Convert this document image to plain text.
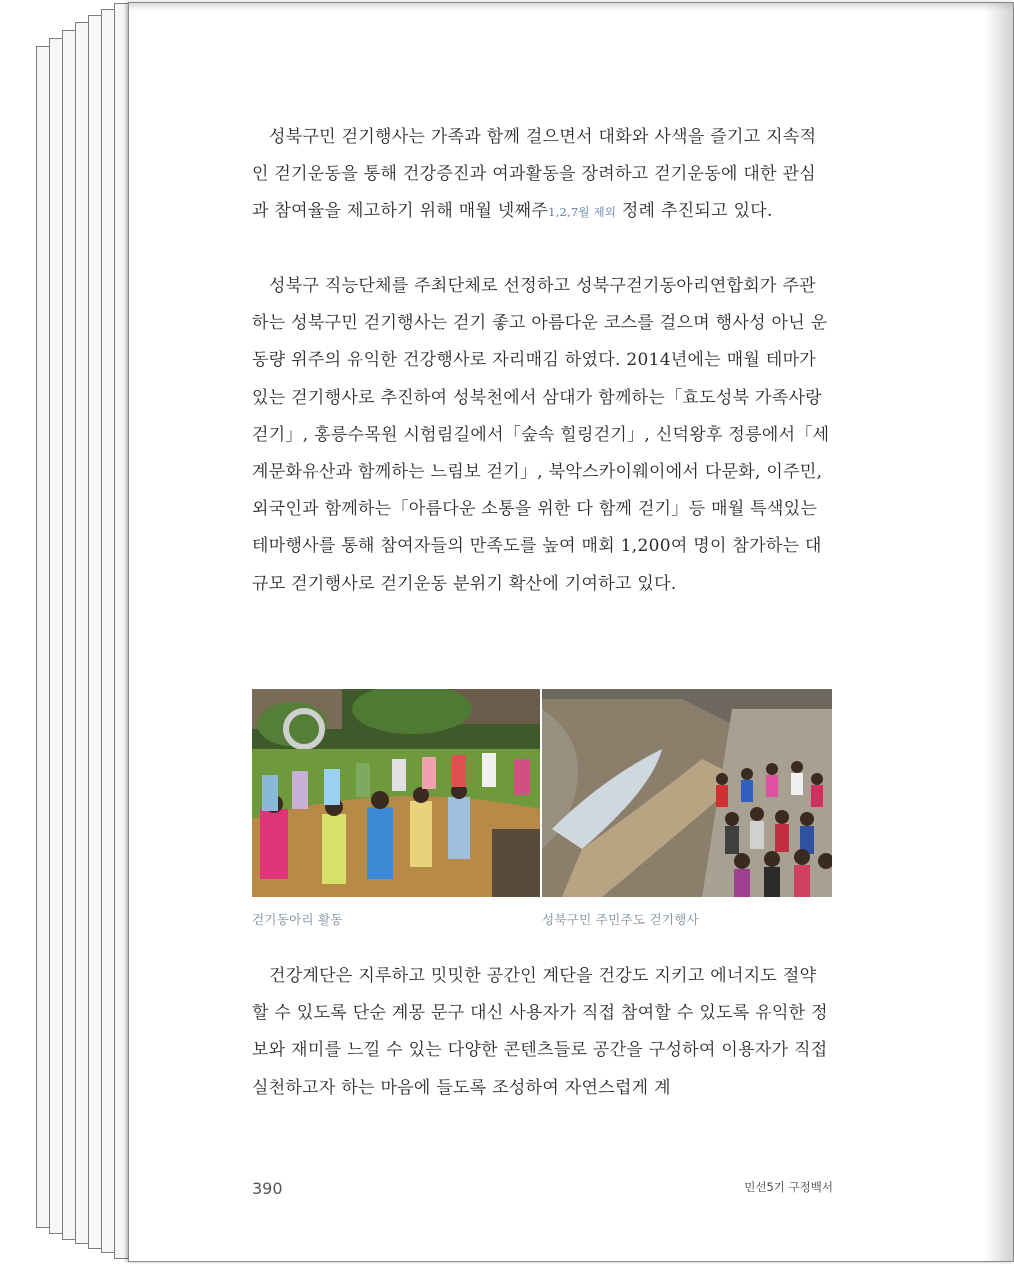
성북구민 걷기행사는 가족과 함께 걸으면서 대화와 사색을 즐기고 지속적인 걷기운동을 통해 건강증진과 여과활동을 장려하고 걷기운동에 대한 관심과 참여율을 제고하기 위해 매월 넷째주1,2,7월 제외 정례 추진되고 있다.

성북구 직능단체를 주최단체로 선정하고 성북구걷기동아리연합회가 주관하는 성북구민 걷기행사는 걷기 좋고 아름다운 코스를 걸으며 행사성 아닌 운동량 위주의 유익한 건강행사로 자리매김 하였다. 2014년에는 매월 테마가 있는 걷기행사로 추진하여 성북천에서 삼대가 함께하는「효도성북 가족사랑 걷기」, 홍릉수목원 시험림길에서「숲속 힐링걷기」, 신덕왕후 정릉에서「세계문화유산과 함께하는 느림보 걷기」, 북악스카이웨이에서 다문화, 이주민, 외국인과 함께하는「아름다운 소통을 위한 다 함께 걷기」등 매월 특색있는 테마행사를 통해 참여자들의 만족도를 높여 매회 1,200여 명이 참가하는 대규모 걷기행사로 걷기운동 분위기 확산에 기여하고 있다.

걷기동아리 활동	성북구민 주민주도 걷기행사

건강계단은 지루하고 밋밋한 공간인 계단을 건강도 지키고 에너지도 절약할 수 있도록 단순 계몽 문구 대신 사용자가 직접 참여할 수 있도록 유익한 정보와 재미를 느낄 수 있는 다양한 콘텐츠들로 공간을 구성하여 이용자가 직접 실천하고자 하는 마음에 들도록 조성하여 자연스럽게 계

390	민선5기 구정백서
